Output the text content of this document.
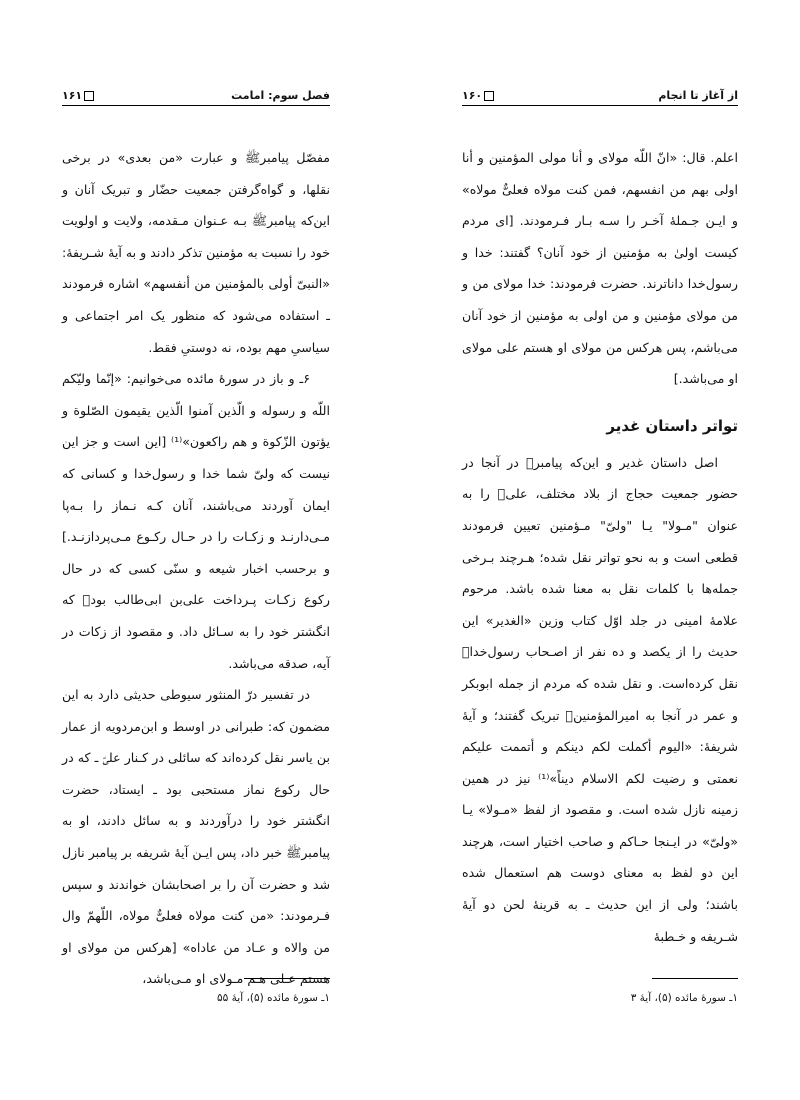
از آغاز تا انجام
۱۶۰

اعلم. قال: «انّ اللّه مولای و أنا مولی المؤمنین و أنا اولی بهم من انفسهم، فمن کنت مولاه فعلیٌّ مولاه» و ایـن جـملهٔ آخـر را سـه بـار فـرمودند. [ای مردم کیست اولیٰ به مؤمنین از خود آنان؟ گفتند: خدا و رسول‌خدا داناترند. حضرت فرمودند: خدا مولای من و من مولای مؤمنین و من اولی به مؤمنین از خود آنان می‌باشم، پس هرکس من مولای او هستم علی مولای او می‌باشد.]

تواتر داستان غدیر

اصل داستان غدیر و این‌که پیامبرﷺ در آنجا در حضور جمعیت حجاج از بلاد مختلف، علیؑ را به عنوان "مـولا" یـا "ولیّ" مـؤمنین تعیین فرمودند قطعی است و به نحو تواتر نقل شده؛ هـرچند بـرخی جمله‌ها با کلمات نقل به معنا شده باشد. مرحوم علامهٔ امینی در جلد اوّل کتاب وزین «الغدیر» این حدیث را از یکصد و ده نفر از اصـحاب رسول‌خداﷺ نقل کرده‌است. و نقل شده که مردم از جمله ابوبکر و عمر در آنجا به امیرالمؤمنینؑ تبریک گفتند؛ و آیهٔ شریفهٔ: «الیوم أکملت لکم دینکم و أتممت علیکم نعمتی و رضیت لکم الاسلام دیناً»⁽¹⁾ نیز در همین زمینه نازل شده است. و مقصود از لفظ «مـولا» یـا «ولیّ» در ایـنجا حـاکم و صاحب اختیار است، هرچند این دو لفظ به معنای دوست هم استعمال شده باشند؛ ولی از این حدیث ـ به قرینهٔ لحن دو آیهٔ شـریفه و خـطبهٔ

۱ـ سورهٔ مائده (۵)، آیهٔ ۳
فصل سوم: امامت
۱۶۱

مفصّل پیامبرﷺ و عبارت «من بعدی» در برخی نقلها، و گواه‌گرفتن جمعیت حضّار و تبریک آنان و این‌که پیامبرﷺ بـه عـنوان مـقدمه، ولایت و اولویت خود را نسبت به مؤمنین تذکر دادند و به آیهٔ شـریفهٔ: «النبیّ أولی بالمؤمنین من أنفسهم» اشاره فرمودند ـ استفاده می‌شود که منظور یک امر اجتماعی و سیاسیِ مهم بوده، نه دوستیِ فقط.

۶ـ و باز در سورهٔ مائده می‌خوانیم: «إنّما ولیّکم اللّه و رسوله و الّذین آمنوا الّذین یقیمون الصّلوة و یؤتون الزّکوة و هم راکعون»⁽¹⁾ [این است و جز این نیست که ولیّ شما خدا و رسول‌خدا و کسانی که ایمان آوردند می‌باشند، آنان کـه نـماز را بـه‌پا مـی‌دارنـد و زکـات را در حـال رکـوع مـی‌پردازنـد.] و برحسب اخبار شیعه و سنّی کسی که در حال رکوع زکـات پـرداخت علی‌بن ابی‌طالب بودؑ که انگشتر خود را به سـائل داد. و مقصود از زکات در آیه، صدقه می‌باشد.

در تفسیر درّ المنثور سیوطی حدیثی دارد به این مضمون که: طبرانی در اوسط و ابن‌مردویه از عمار بن یاسر نقل کرده‌اند که سائلی در کـنار علیؑ ـ که در حال رکوع نماز مستحبی بود ـ ایستاد، حضرت انگشتر خود را درآوردند و به سائل دادند، او به پیامبرﷺ خبر داد، پس ایـن آیهٔ شریفه بر پیامبر نازل شد و حضرت آن را بر اصحابشان خواندند و سپس فـرمودند: «من کنت مولاه فعلیٌّ مولاه، اللّهمّ وال من والاه و عـاد من عاداه» [هرکس من مولای او هستم عـلی هـم مـولای او مـی‌باشد،

۱ـ سورهٔ مائده (۵)، آیهٔ ۵۵
